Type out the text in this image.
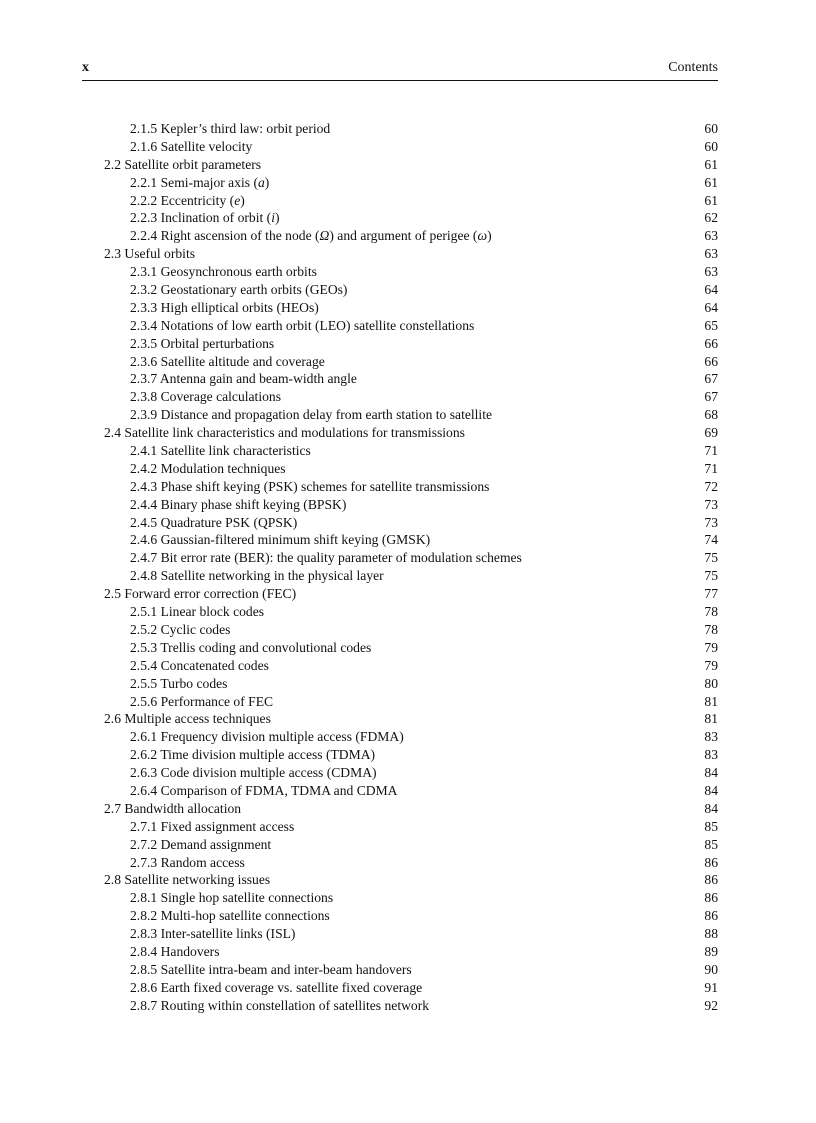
x	Contents
2.1.5 Kepler’s third law: orbit period	60
2.1.6 Satellite velocity	60
2.2 Satellite orbit parameters	61
2.2.1 Semi-major axis (a)	61
2.2.2 Eccentricity (e)	61
2.2.3 Inclination of orbit (i)	62
2.2.4 Right ascension of the node (Ω) and argument of perigee (ω)	63
2.3 Useful orbits	63
2.3.1 Geosynchronous earth orbits	63
2.3.2 Geostationary earth orbits (GEOs)	64
2.3.3 High elliptical orbits (HEOs)	64
2.3.4 Notations of low earth orbit (LEO) satellite constellations	65
2.3.5 Orbital perturbations	66
2.3.6 Satellite altitude and coverage	66
2.3.7 Antenna gain and beam-width angle	67
2.3.8 Coverage calculations	67
2.3.9 Distance and propagation delay from earth station to satellite	68
2.4 Satellite link characteristics and modulations for transmissions	69
2.4.1 Satellite link characteristics	71
2.4.2 Modulation techniques	71
2.4.3 Phase shift keying (PSK) schemes for satellite transmissions	72
2.4.4 Binary phase shift keying (BPSK)	73
2.4.5 Quadrature PSK (QPSK)	73
2.4.6 Gaussian-filtered minimum shift keying (GMSK)	74
2.4.7 Bit error rate (BER): the quality parameter of modulation schemes	75
2.4.8 Satellite networking in the physical layer	75
2.5 Forward error correction (FEC)	77
2.5.1 Linear block codes	78
2.5.2 Cyclic codes	78
2.5.3 Trellis coding and convolutional codes	79
2.5.4 Concatenated codes	79
2.5.5 Turbo codes	80
2.5.6 Performance of FEC	81
2.6 Multiple access techniques	81
2.6.1 Frequency division multiple access (FDMA)	83
2.6.2 Time division multiple access (TDMA)	83
2.6.3 Code division multiple access (CDMA)	84
2.6.4 Comparison of FDMA, TDMA and CDMA	84
2.7 Bandwidth allocation	84
2.7.1 Fixed assignment access	85
2.7.2 Demand assignment	85
2.7.3 Random access	86
2.8 Satellite networking issues	86
2.8.1 Single hop satellite connections	86
2.8.2 Multi-hop satellite connections	86
2.8.3 Inter-satellite links (ISL)	88
2.8.4 Handovers	89
2.8.5 Satellite intra-beam and inter-beam handovers	90
2.8.6 Earth fixed coverage vs. satellite fixed coverage	91
2.8.7 Routing within constellation of satellites network	92
